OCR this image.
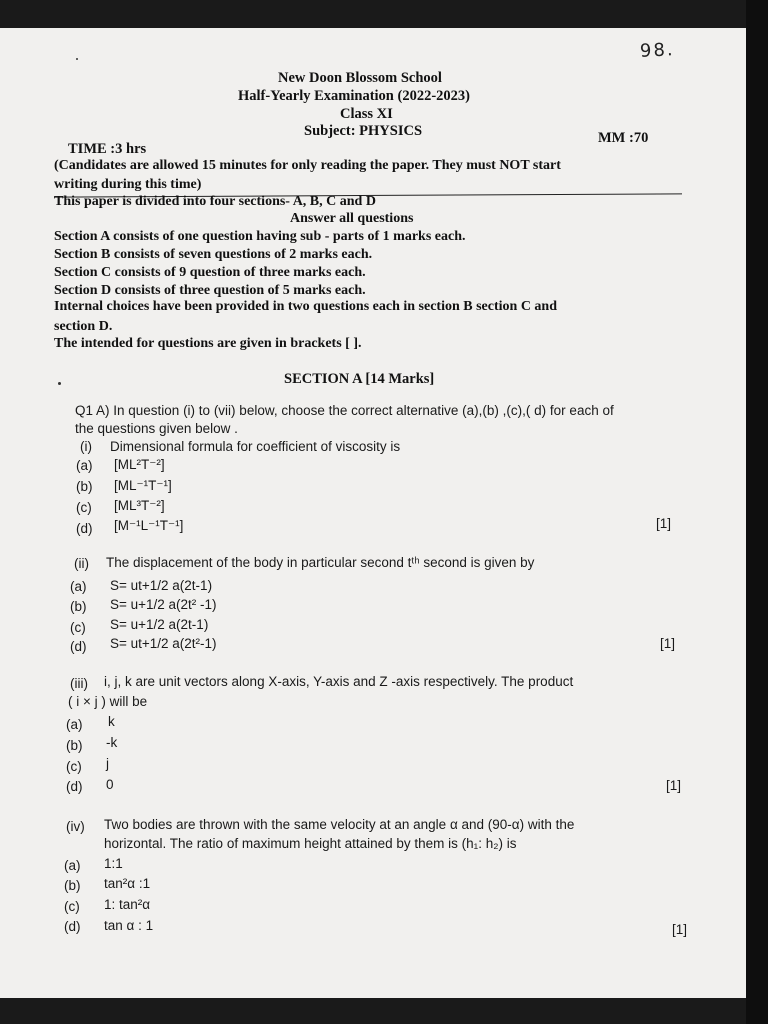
98.
New Doon Blossom School
Half-Yearly Examination (2022-2023)
Class XI
Subject: PHYSICS
TIME :3 hrs
MM :70
(Candidates are allowed 15 minutes for only reading the paper. They must NOT start
writing during this time)
This paper is divided into four sections- A, B, C and D
Answer all questions
Section A consists of one question having sub - parts of 1 marks each.
Section B consists of seven questions of 2 marks each.
Section C consists of 9 question of three marks each.
Section D consists of three question of 5 marks each.
Internal choices have been provided in two questions each in section B section C and
section D.
The intended for questions are given in brackets [ ].
SECTION A [14 Marks]
Q1 A) In question (i) to (vii) below, choose the correct alternative (a),(b) ,(c),( d) for each of
the questions given below .
(i) Dimensional formula for coefficient of viscosity is
(a) [ML²T⁻²]
(b) [ML⁻¹T⁻¹]
(c) [ML³T⁻²]
(d) [M⁻¹L⁻¹T⁻¹]	[1]
(ii) The displacement of the body in particular second tᵗʰ second is given by
(a) S= ut+1/2 a(2t-1)
(b) S= u+1/2 a(2t² -1)
(c) S= u+1/2 a(2t-1)
(d) S= ut+1/2 a(2t²-1)	[1]
(iii) i, j, k are unit vectors along X-axis, Y-axis and Z -axis respectively. The product
( i × j ) will be
(a) k
(b) -k
(c) j
(d) 0	[1]
(iv) Two bodies are thrown with the same velocity at an angle α and (90-α) with the
horizontal. The ratio of maximum height attained by them is (h₁: h₂) is
(a) 1:1
(b) tan²α :1
(c) 1: tan²α
(d) tan α : 1	[1]
